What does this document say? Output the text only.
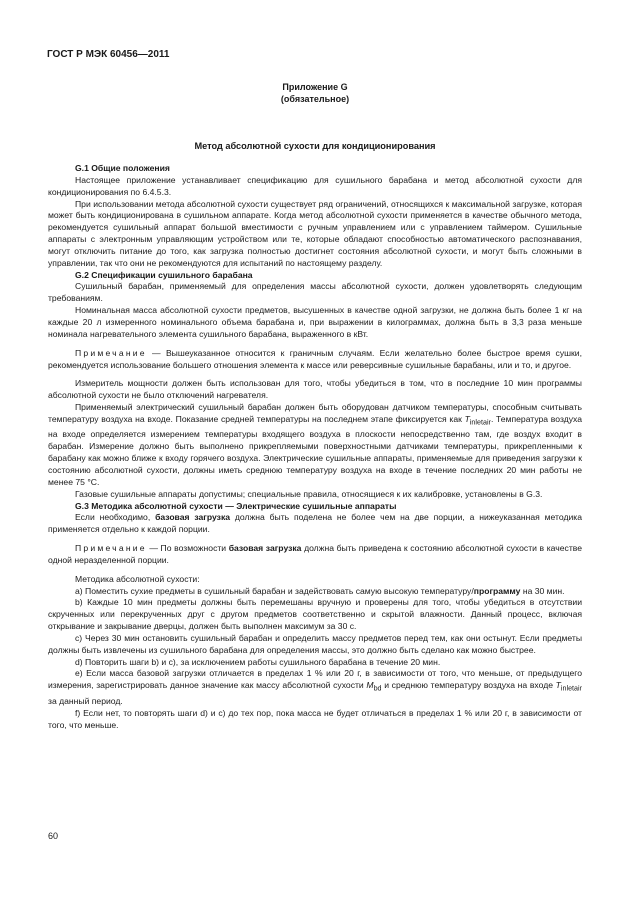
ГОСТ Р МЭК 60456—2011
Приложение G
(обязательное)
Метод абсолютной сухости для кондиционирования

G.1 Общие положения

Настоящее приложение устанавливает спецификацию для сушильного барабана и метод абсолютной сухости для кондиционирования по 6.4.5.3.

При использовании метода абсолютной сухости существует ряд ограничений, относящихся к максимальной загрузке, которая может быть кондиционирована в сушильном аппарате. Когда метод абсолютной сухости применяется в качестве обычного метода, рекомендуется сушильный аппарат большой вместимости с ручным управлением или с управлением таймером. Сушильные аппараты с электронным управляющим устройством или те, которые обладают способностью автоматического распознавания, могут отключить питание до того, как загрузка полностью достигнет состояния абсолютной сухости, и могут быть сложными в управлении, так что они не рекомендуются для испытаний по настоящему разделу.

G.2 Спецификации сушильного барабана

Сушильный барабан, применяемый для определения массы абсолютной сухости, должен удовлетворять следующим требованиям.

Номинальная масса абсолютной сухости предметов, высушенных в качестве одной загрузки, не должна быть более 1 кг на каждые 20 л измеренного номинального объема барабана и, при выражении в килограммах, должна быть в 3,3 раза меньше номинала нагревательного элемента сушильного барабана, выраженного в кВт.

Примечание — Вышеуказанное относится к граничным случаям. Если желательно более быстрое время сушки, рекомендуется использование большего отношения элемента к массе или реверсивные сушильные барабаны, или и то, и другое.

Измеритель мощности должен быть использован для того, чтобы убедиться в том, что в последние 10 мин программы абсолютной сухости не было отключений нагревателя.

Применяемый электрический сушильный барабан должен быть оборудован датчиком температуры, способным считывать температуру воздуха на входе. Показание средней температуры на последнем этапе фиксируется как $T_{inletair}$. Температура воздуха на входе определяется измерением температуры входящего воздуха в плоскости непосредственно там, где воздух входит в барабан. Измерение должно быть выполнено прикрепляемыми поверхностными датчиками температуры, прикрепленными к барабану как можно ближе к входу горячего воздуха. Электрические сушильные аппараты, применяемые для приведения загрузки к состоянию абсолютной сухости, должны иметь среднюю температуру воздуха на входе в течение последних 20 мин работы не менее 75 °С.

Газовые сушильные аппараты допустимы; специальные правила, относящиеся к их калибровке, установлены в G.3.

G.3 Методика абсолютной сухости — Электрические сушильные аппараты

Если необходимо, базовая загрузка должна быть поделена не более чем на две порции, а нижеуказанная методика применяется отдельно к каждой порции.

Примечание — По возможности базовая загрузка должна быть приведена к состоянию абсолютной сухости в качестве одной неразделенной порции.

Методика абсолютной сухости:

a) Поместить сухие предметы в сушильный барабан и задействовать самую высокую температуру/программу на 30 мин.

b) Каждые 10 мин предметы должны быть перемешаны вручную и проверены для того, чтобы убедиться в отсутствии скрученных или перекрученных друг с другом предметов соответственно и скрытой влажности. Данный процесс, включая открывание и закрывание дверцы, должен быть выполнен максимум за 30 с.

c) Через 30 мин остановить сушильный барабан и определить массу предметов перед тем, как они остынут. Если предметы должны быть извлечены из сушильного барабана для определения массы, это должно быть сделано как можно быстрее.

d) Повторить шаги b) и c), за исключением работы сушильного барабана в течение 20 мин.

e) Если масса базовой загрузки отличается в пределах 1 % или 20 г, в зависимости от того, что меньше, от предыдущего измерения, зарегистрировать данное значение как массу абсолютной сухости $M_{bd}$ и среднюю температуру воздуха на входе $T_{inletair}$ за данный период.

f) Если нет, то повторять шаги d) и c) до тех пор, пока масса не будет отличаться в пределах 1 % или 20 г, в зависимости от того, что меньше.

60
